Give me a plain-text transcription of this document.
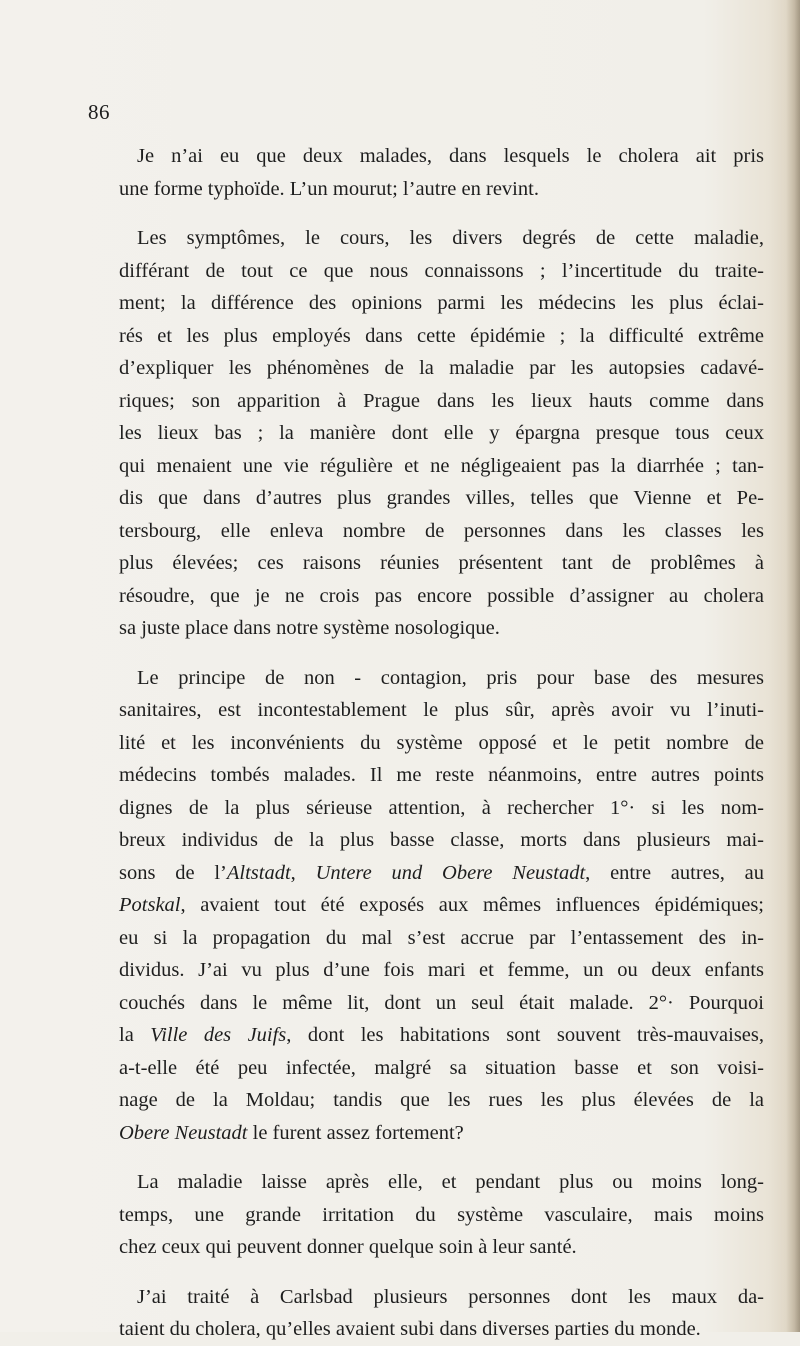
86

Je n’ai eu que deux malades, dans lesquels le cholera ait pris
une forme typhoïde. L’un mourut; l’autre en revint.

Les symptômes, le cours, les divers degrés de cette maladie,
différant de tout ce que nous connaissons ; l’incertitude du traite-
ment; la différence des opinions parmi les médecins les plus éclai-
rés et les plus employés dans cette épidémie ; la difficulté extrême
d’expliquer les phénomènes de la maladie par les autopsies cadavé-
riques; son apparition à Prague dans les lieux hauts comme dans
les lieux bas ; la manière dont elle y épargna presque tous ceux
qui menaient une vie régulière et ne négligeaient pas la diarrhée ; tan-
dis que dans d’autres plus grandes villes, telles que Vienne et Pe-
tersbourg, elle enleva nombre de personnes dans les classes les
plus élevées; ces raisons réunies présentent tant de problêmes à
résoudre, que je ne crois pas encore possible d’assigner au cholera
sa juste place dans notre système nosologique.

Le principe de non - contagion, pris pour base des mesures
sanitaires, est incontestablement le plus sûr, après avoir vu l’inuti-
lité et les inconvénients du système opposé et le petit nombre de
médecins tombés malades. Il me reste néanmoins, entre autres points
dignes de la plus sérieuse attention, à rechercher 1°· si les nom-
breux individus de la plus basse classe, morts dans plusieurs mai-
sons de l’Altstadt, Untere und Obere Neustadt, entre autres, au
Potskal, avaient tout été exposés aux mêmes influences épidémiques;
eu si la propagation du mal s’est accrue par l’entassement des in-
dividus. J’ai vu plus d’une fois mari et femme, un ou deux enfants
couchés dans le même lit, dont un seul était malade. 2°· Pourquoi
la Ville des Juifs, dont les habitations sont souvent très-mauvaises,
a-t-elle été peu infectée, malgré sa situation basse et son voisi-
nage de la Moldau; tandis que les rues les plus élevées de la
Obere Neustadt le furent assez fortement?

La maladie laisse après elle, et pendant plus ou moins long-
temps, une grande irritation du système vasculaire, mais moins
chez ceux qui peuvent donner quelque soin à leur santé.

J’ai traité à Carlsbad plusieurs personnes dont les maux da-
taient du cholera, qu’elles avaient subi dans diverses parties du monde.
